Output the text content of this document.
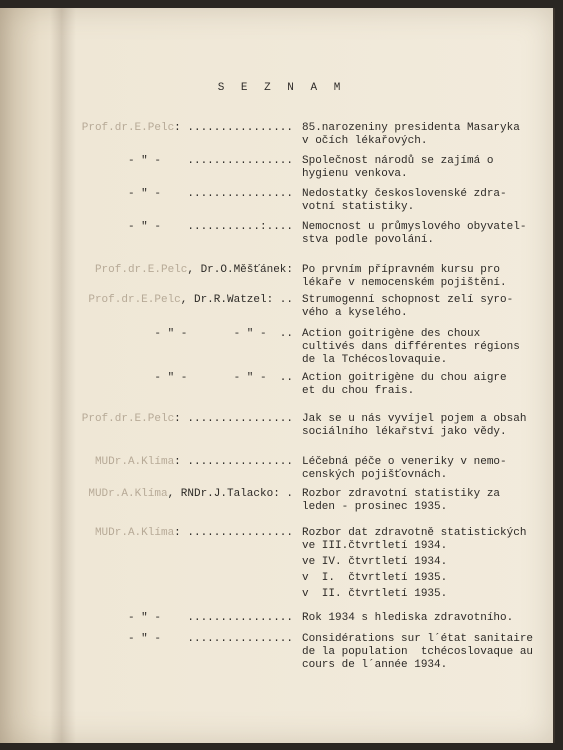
S E Z N A M
Prof.dr.E.Pelc: ................ 85.narozeniny presidenta Masaryka
v očích lékařových.
- " -    ................ Společnost národů se zajímá o
hygienu venkova.
- " -    ................ Nedostatky československé zdra-
votní statistiky.
- " -    ...........:.... Nemocnost u průmyslového obyvatel-
stva podle povolání.
Prof.dr.E.Pelc, Dr.O.Měšťánek: Po prvním přípravném kursu pro
lékaře v nemocenském pojištění.
Prof.dr.E.Pelc, Dr.R.Watzel: .. Strumogenní schopnost zelí syro-
vého a kyselého.
- " -       - " -  .. Action goitrigène des choux
cultivés dans différentes régions
de la Tchécoslovaquie.
- " -       - " -  .. Action goitrigène du chou aigre
et du chou frais.
Prof.dr.E.Pelc: ................ Jak se u nás vyvíjel pojem a obsah
sociálního lékařství jako vědy.
MUDr.A.Klíma: ................ Léčebná péče o veneriky v nemo-
cenských pojišťovnách.
MUDr.A.Klíma, RNDr.J.Talacko: . Rozbor zdravotní statistiky za
leden - prosinec 1935.
MUDr.A.Klíma: ................ Rozbor dat zdravotně statistických
ve III.čtvrtletí 1934.
ve IV. čtvrtletí 1934.
v  I.  čtvrtletí 1935.
v  II. čtvrtletí 1935.
- " -    ................ Rok 1934 s hlediska zdravotního.
- " -    ................ Considérations sur l´état sanitaire
de la population  tchécoslovaque au
cours de l´année 1934.
